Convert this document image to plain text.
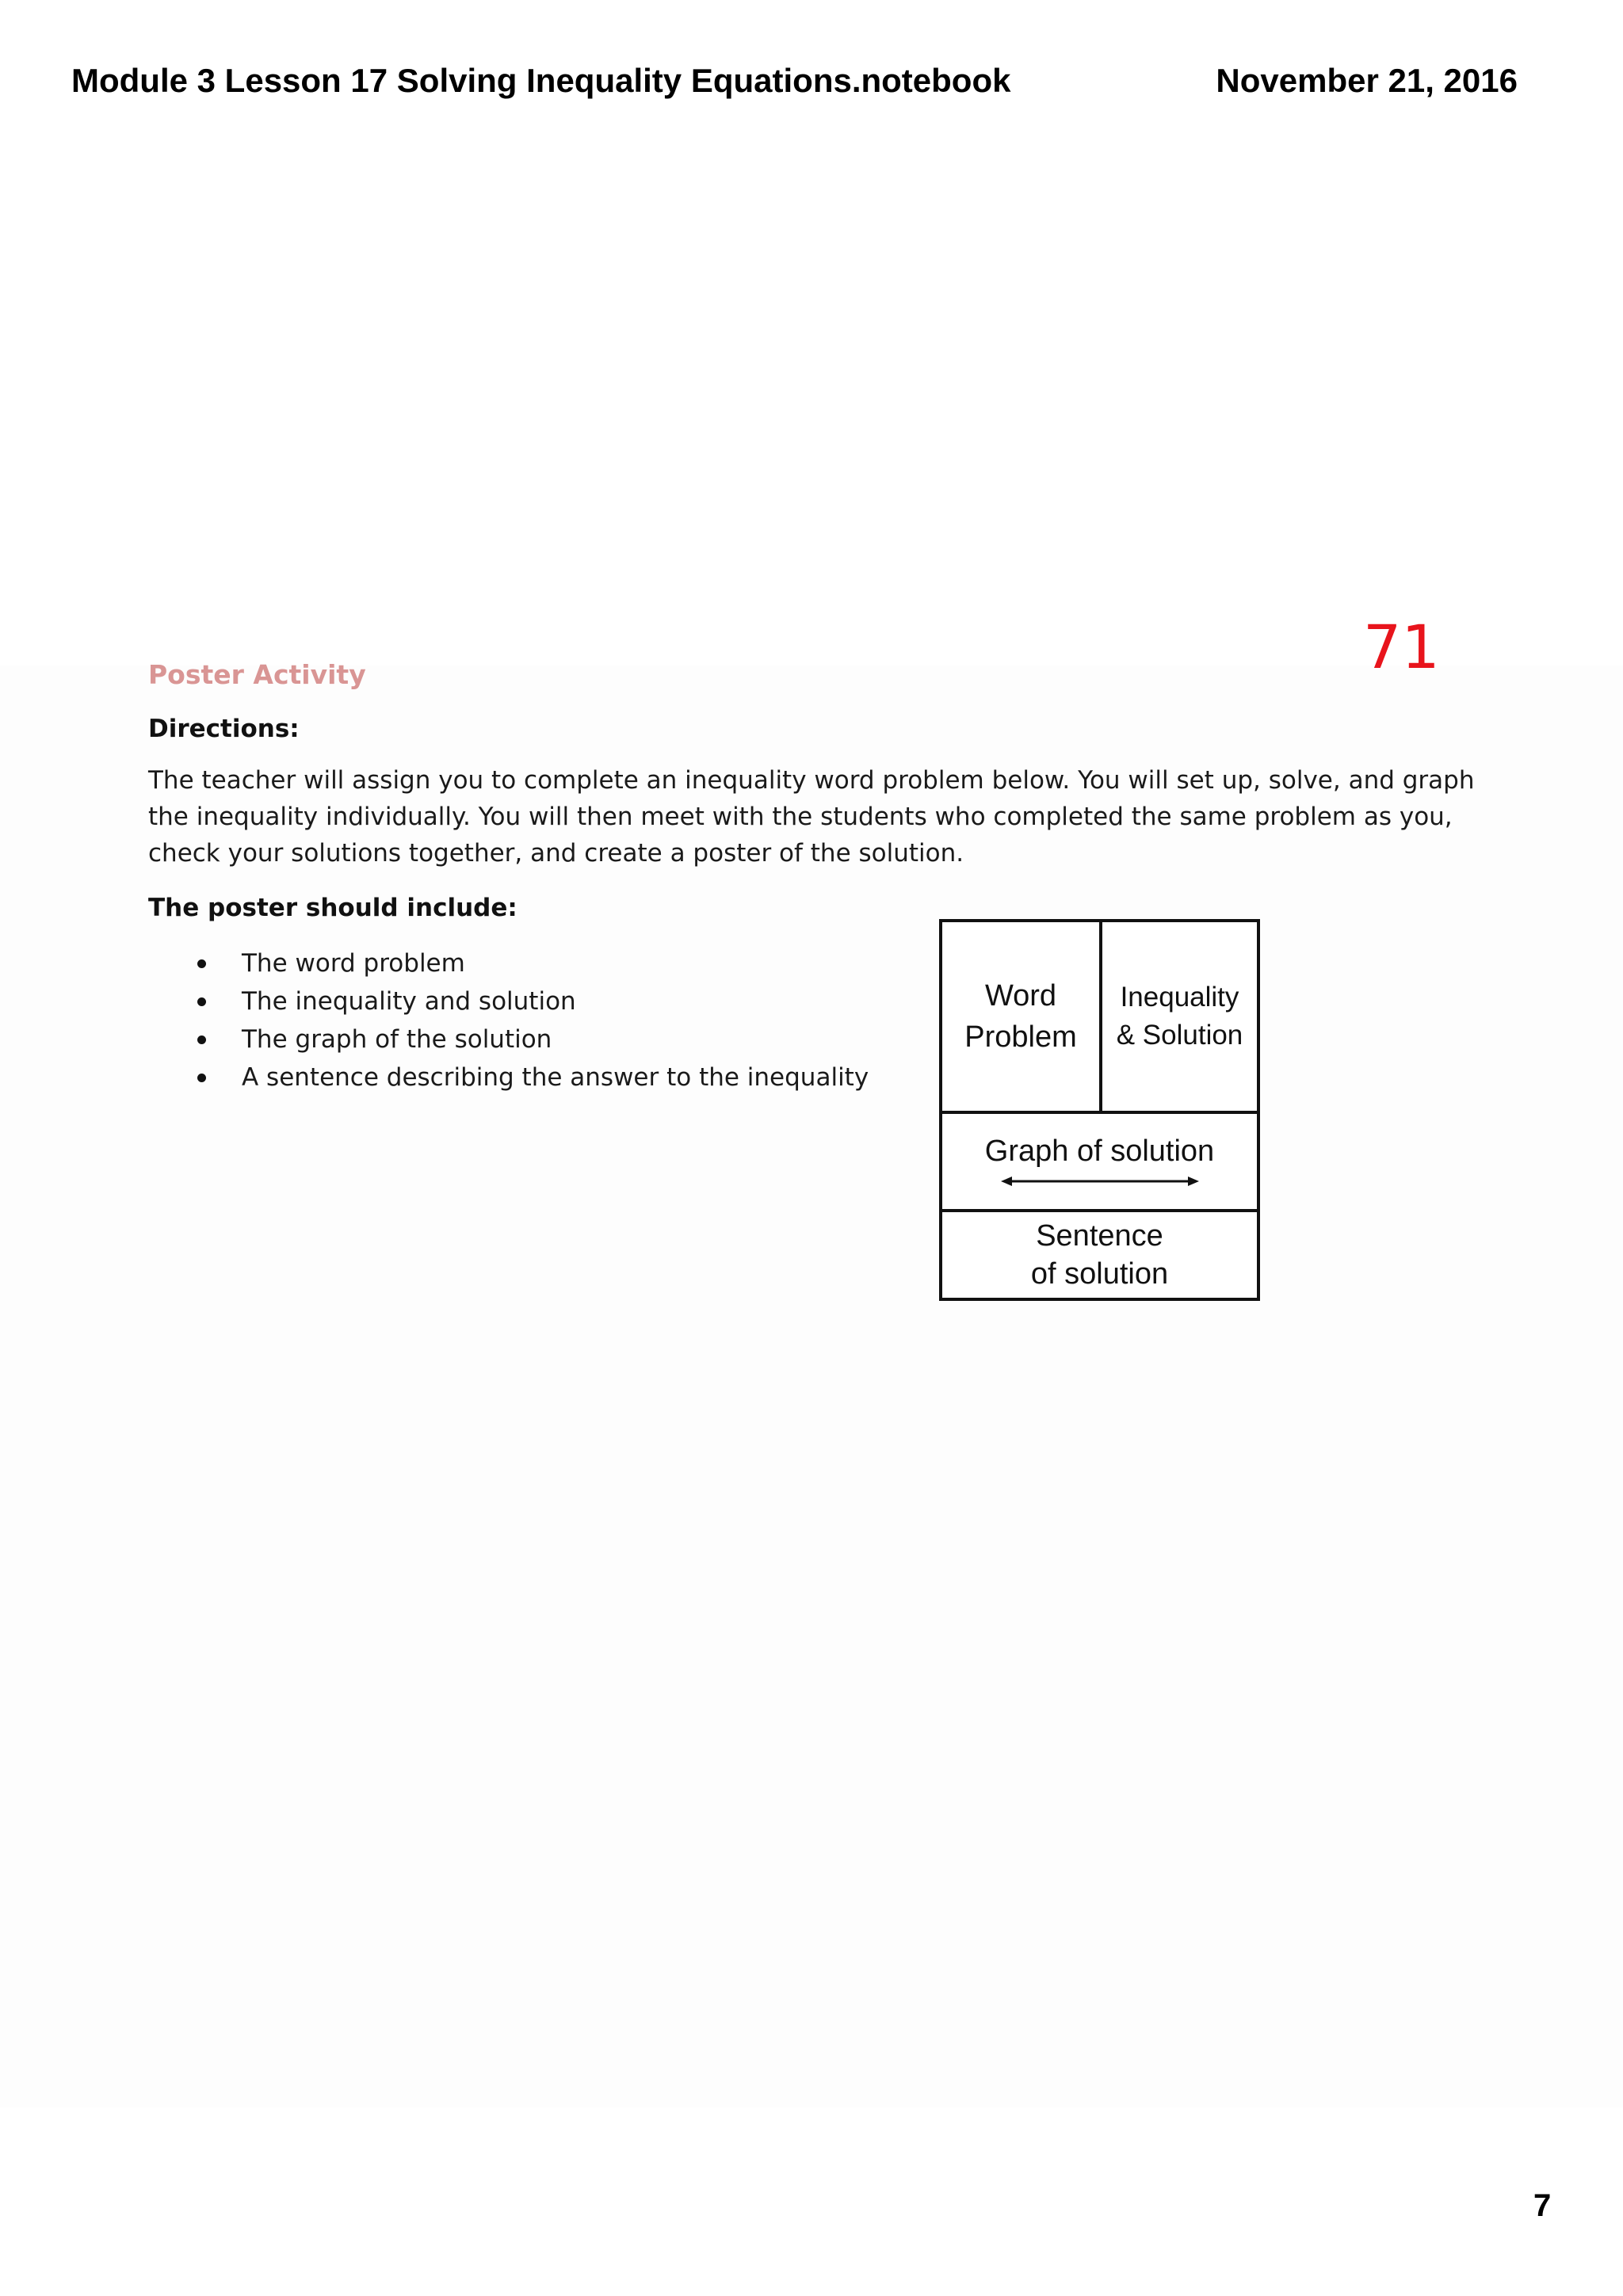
Module 3 Lesson 17 Solving Inequality Equations.notebook	November 21, 2016
71
Poster Activity
Directions:
The teacher will assign you to complete an inequality word problem below. You will set up, solve, and graph the inequality individually. You will then meet with the students who completed the same problem as you, check your solutions together, and create a poster of the solution.
The poster should include:
The word problem
The inequality and solution
The graph of the solution
A sentence describing the answer to the inequality
Word
Problem
Inequality
& Solution
Graph of solution
Sentence
of solution
7
